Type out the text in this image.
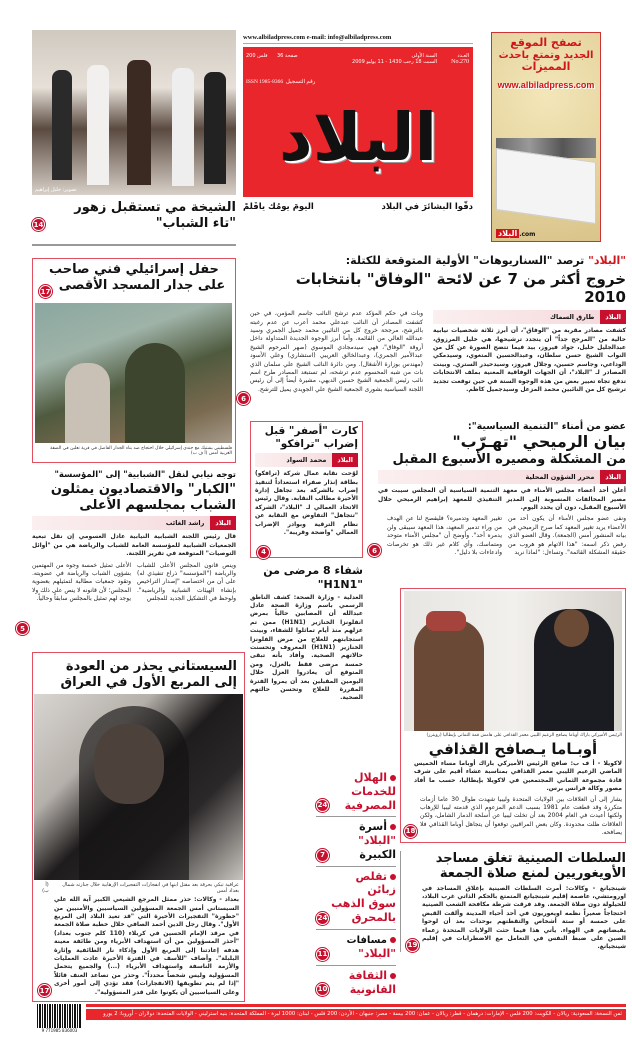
تصوير: خليل إبراهيم
الشيخة مي تستقبل زهور "تاء الشباب"
14
www.albiladpress.com e-mail: info@albiladpress.com
العـدد
No.270
السنة الأولى
السبت 18 رجب 1430 - 11 يوليو 2009
صفحة 36
فلس 200
ISSN 1985-8366 رقم التسجيل
البلاد
دقّوا البشائرَ في البلاد
اليومَ يومُك ياقَلمْ
تصفح الموقع
الجديد وتمتع باحدث
المميزات
www.albiladpress.com
البلاد .com
"البلاد" ترصد "السناريوهات" الأولية المتوقعة للكتلة:
خروج أكثر من 7 عن لائحة "الوفاق" بانتخابات 2010
البلاد
طارق السماك
كشفت مصادر مقربة من "الوفاق"، أن أبرز ثلاثة شخصيات نيابية حالية من "المرجح جداً" أن يتجدد ترشيحها، هي خليل المرزوق، عبدالجليل خليل، جواد فيروز، بيد فيما تتضح الصورة عن كل من النواب الشيخ حسن سلطان، وعبدالحسين المتغوي، وسيدمكي الوداعي، وجاسم حسين، وجلال فيروز، وسيدحيدر الستري. وبينت المصادر لـ "البلاد"، أن الجهات الوفاقية المعنية بملف الانتخابات تدفع تجاه تغيير بعض من هذه الوجوه الستة في حين توقعت تجديد ترشيح كل من النائبين محمد المزعل وسيدجميل كاظم.
وبات في حكم المؤكد عدم ترشح النائب جاسم المؤمن، في حين كشفت المصادر أن النائب عبدعلي محمد أعرب عن عدم رغبته بالترشح، مرجحة خروج كل من النائبين محمد جميل الجمري وسيد عبدالله العالي من القائمة. وأما أبرز الوجوه الجديدة المتداولة داخل أروقة "الوفاق"، فهي سيدمجادي الموسوي (صهر المرحوم الشيخ عبدالأمير الجمري)، وعبدالخالق العريبي (استشاري) وعلي الأسود (مهندس بوزارة الأشغال). ومن دائرة النائب الشيخ علي سلمان الذي بات من شبه المحسوم عدم ترشحه، لم تستبعد المصادر طرح اسم نائب رئيس الجمعية الشيخ حسين الديهي، مشيرة أيضاً إلى أن رئيس اللجنة السياسية بشورى الجمعية الشيخ علي الجويدي يميل للترشح.
6
حفل إسرائيلي فني صاحب
على جدار المسجد الأقصى
17
فلسطيني يشتبك مع جندي إسرائيلي خلال احتجاج ضد بناء الجدار الفاصل في قرية نعلين في الضفة الغربية أمس (أ ف ب)
توجه نيابي لنقل "الشبابية" إلى "المؤسسة"
"الكبار" والاقتصاديون يمثلون الشباب بمجلسهم الأعلى
البلاد
راشد الغائب
قال رئيس اللجنة الشبابية النيابية عادل العسومي إن نقل تبعية الجمعيات الشبابية للمؤسسة العامة للشباب والرياضة هي من "أوائل التوصيات" المتوقعة في تقرير اللجنة.
وينص قانون المجلس الأعلى للشباب والرياضة ("المؤسسة" ذراع تنفيذي له) على أن من اختصاصه "إصدار التراخيص بإنشاء الهيئات الشبابية والرياضية". ولوحظ في التشكيل الجديد للمجلس
الأعلى تمثيل خمسة وجوه من المهتمين بشؤون الشباب والرياضة في عضويته. وتقود جمعيات مطالبة لتمثيلهم بعضوية المجلس؛ لأن قانونه لا ينص على ذلك ولا يوجد لهم تمثيل بالمجلس سابقاً وحالياً.
5
كارت "أصفر" قبل إضراب "ترافكو"
البلاد
محمد السواد
لوّحت نقابة عمال شركة (ترافكو) بطاقة إنذار صفراء استعداداً لتنفيذ إضراب بالشركة بعد تجاهل إدارة الأخيرة مطالب النقابة. وقال رئيس الاتحاد العمالي لـ "البلاد"، الشركة "تتجاهل" التفاوض مع النقابة عن نظام الترقية وبوادر الإضراب العمالي "واضحة وقريبة".
4
شفاء 8 مرضى من "H1N1"
العدلية - وزارة الصحة: كشف الناطق الرسمي باسم وزارة الصحة عادل عبدالله أن المصابين حالياً بمرض انفلونزا الخنازير (H1N1) ممن تم عزلهم منذ أيام تماثلوا للشفاء، وبينت استجابتهم للعلاج من مرض الفلونزا الخنازير (H1N1) المعروف وتحسنت حالاتهم الصحية. وأفاد بأنه تبقى خمسة مرضى فقط بالعزل، ومن المتوقع أن يغادروا العزل خلال اليومين المقبلين بعد أن يمروا الفترة المقررة للعلاج وتحسن حالتهم الصحية.
عضو من أمناء "التنمية السياسية":
بيان الرميحي "تهـرّب"
من المشكلة ومصيره الأسبوع المقبل
البلاد
محرر الشؤون المحلية
أعلن أحد أعضاء مجلس الأمناء في معهد التنمية السياسية أن المجلس سيبت في مصير المخالفات المنسوبة إلى المدير التنفيذي للمعهد إبراهيم الرميحي خلال الأسبوع المقبل، دون أن يحدد اليوم.
ونفى عضو مجلس الأمناء أن يكون أحد من الأعضاء يريد تغيير المعهد كما صرح الرميحي في بيانه المنشور أمس (الجمعة). وقال العضو الذي رفض ذكر اسمه: "هذا الاتهام هو هروب من حقيقة المشكلة القائمة". وتساءل: "لماذا نريد
تغيير المعهد وتدميره؟ فليفصح لنا عن الهدف من وراء تدمير المعهد، هذا المعهد سيبقى ولن يدمره أحد". وأوضح أن "مجلس الأمناء متوحد ومتماسك، وأي كلام غير ذلك هو تخرصات وادعاءات بلا دليل".
6
السيستاني يحذر من العودة إلى المربع الأول في العراق
عراقية تبكي بحرقة بعد مقتل ابنها في انفجارات التفجيرات الإرهابية خلال جنازته شمال بغداد أمس
(أ ب)
بغداد - وكالات: حذر ممثل المرجع الشيعي الكبير آية الله علي السيستاني أمس الجمعة المسؤولين السياسيين والأمنيين من "خطورة" التفجيرات الأخيرة التي "قد تعيد البلاد إلى المربع الأول". وقال رجل الدين أحمد الصافي خلال خطبة صلاة الجمعة في مرقد الإمام الحسين في كربلاء (110 كلم جنوب بغداد) "أحذر المسؤولين من أن استهداف الأبرياء ومن طائفة معينة هدفه إعادتنا إلى المربع الأول وإذكاء نار الطائفية وإثارة البلبلة". وأضاف "للأسف في الفترة الأخيرة عادت العمليات والأزمة الناسفة واستهداف الأبرياء (...) والجميع يتحمل المسؤولية وليس شخصاً محدداً". وحذر من تصاعد العنف قائلاً "إذا لم يتم تطويقها (الانفجارات) فقد تؤدي إلى أمور أخرى وعلى السياسيين أن يكونوا على قدر المسؤولية".
17
الرئيس الأميركي باراك أوباما يصافح الزعيم الليبي معمر القذافي على هامش قمة الثماني بإيطاليا (رويترز)
أوبـاما يـصافح القذافي
لاكويلا - أ ف ب: صافح الرئيس الأميركي باراك أوباما مساء الخميس الماضي الزعيم الليبي معمر القذافي بمناسبة عشاء أقيم على شرف قادة مجموعة الثماني المجتمعين في لاكويلا بإيطاليا، حسب ما أفاد مصور وكالة فرانس برس.
يشار إلى أن العلاقات بين الولايات المتحدة وليبيا شهدت طوال 30 عاما أزمات متكررة وقد قطعت عام 1981 بسبب الدعم المزعوم الذي قدمته ليبيا للإرهاب ولكنها أعيدت في العام 2004 بعد أن تخلت ليبيا عن أسلحة الدمار الشامل، ولكن العلاقات ظلت محدودة. وكان بعض المراقبين توقعوا أن يتجاهل أوباما القذافي فلا يصافحه.
18
السلطات الصينية تغلق مساجد
الأويغوريين لمنع صلاة الجمعة
شينجيانغ - وكالات: أمرت السلطات الصينية بإغلاق المساجد في اورومتشي، عاصمة إقليم شينجيانغ المتمتع بالحكم الذاتي غرب البلاد، للحيلولة دون صلاة الجمعة. وقد فرقت شرطة مكافحة الشغب الصينية احتجاجاً صغيراً نظمه اويغوريون في أحد أحياء المدينة وألقت القبض على خمسة أو ستة أشخاص والتقطتهم بوحدات بعد أن لوحوا بقبضاتهم في الهواء. يأتي هذا فيما حثت الولايات المتحدة زعماء الصين على ضبط النفس في التعامل مع الاضطرابات في إقليم شينجيانغ.
19
الهلال
للخدمات المصرفية
24
أسرة "البلاد"
الكبيرة
7
تقلص زبائن
سوق الذهب بالمحرق
24
مسافات
"البلاد"
11
الثقافة
القانونية
10
9 771985 836003
ثمن النسخة: السعودية: ريالان - الكويت: 200 فلس - الإمارات: درهمان - قطر: ريالان - عمان: 200 بيسة - مصر: جنيهان - الأردن: 200 فلس - لبنان: 1000 ليرة - المملكة المتحدة: بنيه استرليني - الولايات المتحدة: دولاران - أوروبا: 2 يورو
